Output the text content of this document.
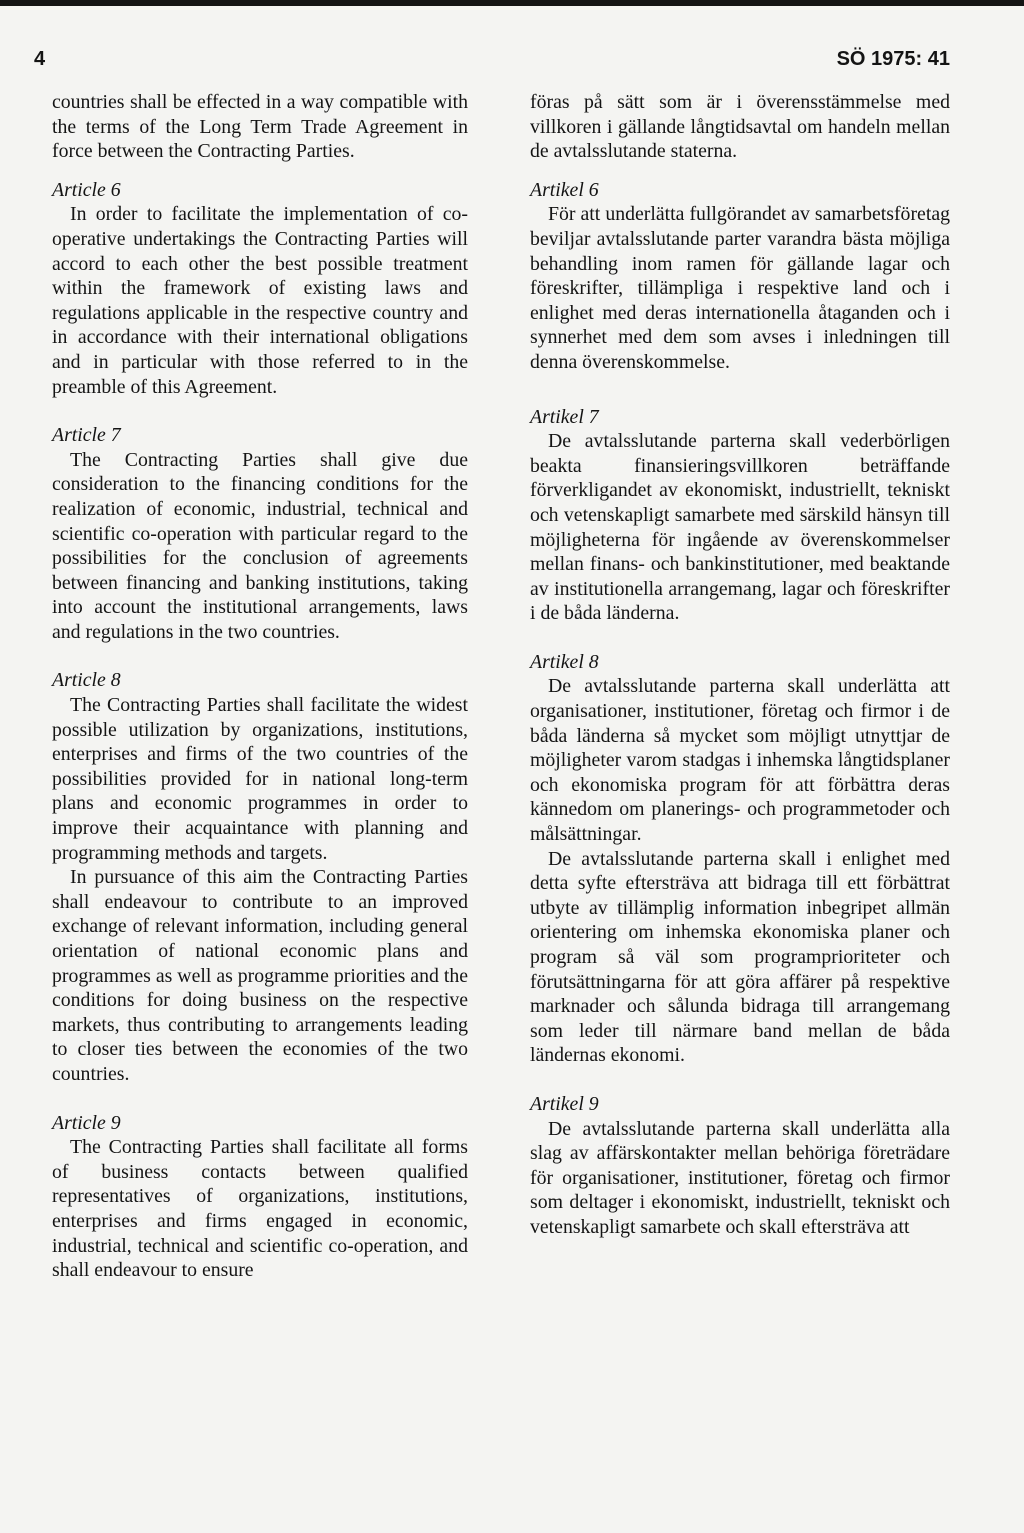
4	SÖ 1975: 41

countries shall be effected in a way compatible with the terms of the Long Term Trade Agreement in force between the Contracting Parties.

Article 6

In order to facilitate the implementation of co-operative undertakings the Contracting Parties will accord to each other the best possible treatment within the framework of existing laws and regulations applicable in the respective country and in accordance with their international obligations and in particular with those referred to in the preamble of this Agreement.

Article 7

The Contracting Parties shall give due consideration to the financing conditions for the realization of economic, industrial, technical and scientific co-operation with particular regard to the possibilities for the conclusion of agreements between financing and banking institutions, taking into account the institutional arrangements, laws and regulations in the two countries.

Article 8

The Contracting Parties shall facilitate the widest possible utilization by organizations, institutions, enterprises and firms of the two countries of the possibilities provided for in national long-term plans and economic programmes in order to improve their acquaintance with planning and programming methods and targets.

In pursuance of this aim the Contracting Parties shall endeavour to contribute to an improved exchange of relevant information, including general orientation of national economic plans and programmes as well as programme priorities and the conditions for doing business on the respective markets, thus contributing to arrangements leading to closer ties between the economies of the two countries.

Article 9

The Contracting Parties shall facilitate all forms of business contacts between qualified representatives of organizations, institutions, enterprises and firms engaged in economic, industrial, technical and scientific co-operation, and shall endeavour to ensure

föras på sätt som är i överensstämmelse med villkoren i gällande långtidsavtal om handeln mellan de avtalsslutande staterna.

Artikel 6

För att underlätta fullgörandet av samarbetsföretag beviljar avtalsslutande parter varandra bästa möjliga behandling inom ramen för gällande lagar och föreskrifter, tillämpliga i respektive land och i enlighet med deras internationella åtaganden och i synnerhet med dem som avses i inledningen till denna överenskommelse.

Artikel 7

De avtalsslutande parterna skall vederbörligen beakta finansieringsvillkoren beträffande förverkligandet av ekonomiskt, industriellt, tekniskt och vetenskapligt samarbete med särskild hänsyn till möjligheterna för ingående av överenskommelser mellan finans- och bankinstitutioner, med beaktande av institutionella arrangemang, lagar och föreskrifter i de båda länderna.

Artikel 8

De avtalsslutande parterna skall underlätta att organisationer, institutioner, företag och firmor i de båda länderna så mycket som möjligt utnyttjar de möjligheter varom stadgas i inhemska långtidsplaner och ekonomiska program för att förbättra deras kännedom om planerings- och programmetoder och målsättningar.

De avtalsslutande parterna skall i enlighet med detta syfte eftersträva att bidraga till ett förbättrat utbyte av tillämplig information inbegripet allmän orientering om inhemska ekonomiska planer och program så väl som programprioriteter och förutsättningarna för att göra affärer på respektive marknader och sålunda bidraga till arrangemang som leder till närmare band mellan de båda ländernas ekonomi.

Artikel 9

De avtalsslutande parterna skall underlätta alla slag av affärskontakter mellan behöriga företrädare för organisationer, institutioner, företag och firmor som deltager i ekonomiskt, industriellt, tekniskt och vetenskapligt samarbete och skall eftersträva att
